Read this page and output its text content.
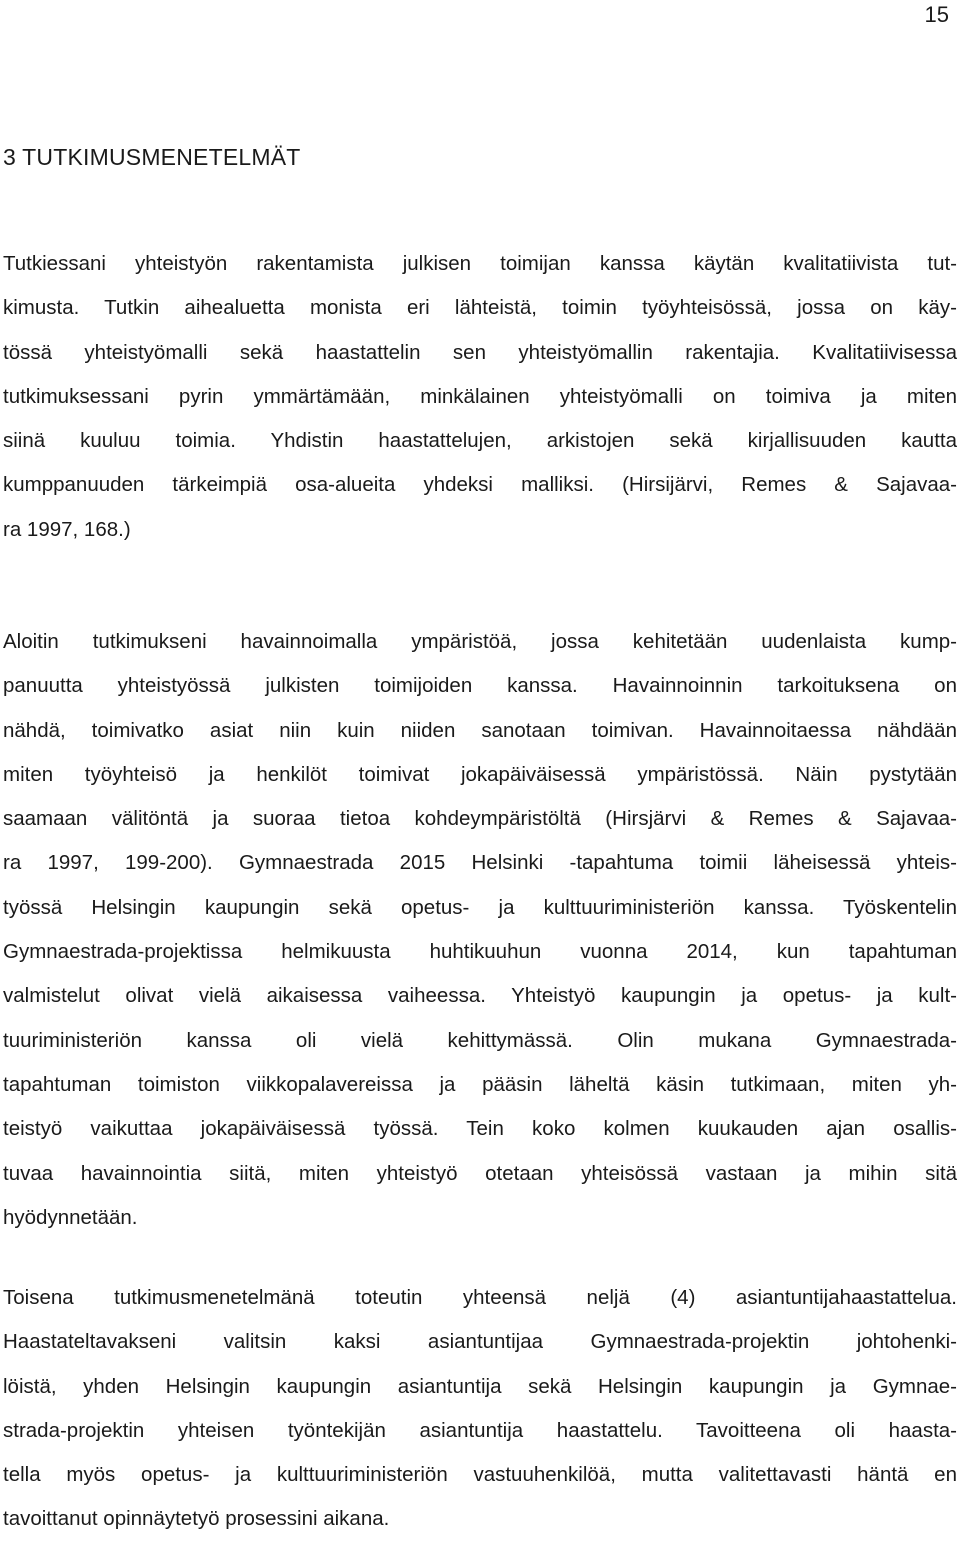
15
3 TUTKIMUSMENETELMÄT
Tutkiessani yhteistyön rakentamista julkisen toimijan kanssa käytän kvalitatiivista tut-
kimusta. Tutkin aihealuetta monista eri lähteistä, toimin työyhteisössä, jossa on käy-
tössä yhteistyömalli sekä haastattelin sen yhteistyömallin rakentajia. Kvalitatiivisessa
tutkimuksessani pyrin ymmärtämään, minkälainen yhteistyömalli on toimiva ja miten
siinä kuuluu toimia. Yhdistin haastattelujen, arkistojen sekä kirjallisuuden kautta
kumppanuuden tärkeimpiä osa-alueita yhdeksi malliksi. (Hirsijärvi, Remes & Sajavaa-
ra 1997, 168.)
Aloitin tutkimukseni havainnoimalla ympäristöä, jossa kehitetään uudenlaista kump-
panuutta yhteistyössä julkisten toimijoiden kanssa. Havainnoinnin tarkoituksena on
nähdä, toimivatko asiat niin kuin niiden sanotaan toimivan. Havainnoitaessa nähdään
miten työyhteisö ja henkilöt toimivat jokapäiväisessä ympäristössä. Näin pystytään
saamaan välitöntä ja suoraa tietoa kohdeympäristöltä (Hirsjärvi & Remes & Sajavaa-
ra 1997, 199-200). Gymnaestrada 2015 Helsinki -tapahtuma toimii läheisessä yhteis-
työssä Helsingin kaupungin sekä opetus- ja kulttuuriministeriön kanssa. Työskentelin
Gymnaestrada-projektissa helmikuusta huhtikuuhun vuonna 2014, kun tapahtuman
valmistelut olivat vielä aikaisessa vaiheessa. Yhteistyö kaupungin ja opetus- ja kult-
tuuriministeriön kanssa oli vielä kehittymässä. Olin mukana Gymnaestrada-
tapahtuman toimiston viikkopalavereissa ja pääsin läheltä käsin tutkimaan, miten yh-
teistyö vaikuttaa jokapäiväisessä työssä. Tein koko kolmen kuukauden ajan osallis-
tuvaa havainnointia siitä, miten yhteistyö otetaan yhteisössä vastaan ja mihin sitä
hyödynnetään.
Toisena tutkimusmenetelmänä toteutin yhteensä neljä (4) asiantuntijahaastattelua.
Haastateltavakseni valitsin kaksi asiantuntijaa Gymnaestrada-projektin johtohenki-
löistä, yhden Helsingin kaupungin asiantuntija sekä Helsingin kaupungin ja Gymnae-
strada-projektin yhteisen työntekijän asiantuntija haastattelu. Tavoitteena oli haasta-
tella myös opetus- ja kulttuuriministeriön vastuuhenkilöä, mutta valitettavasti häntä en
tavoittanut opinnäytetyö prosessini aikana.
